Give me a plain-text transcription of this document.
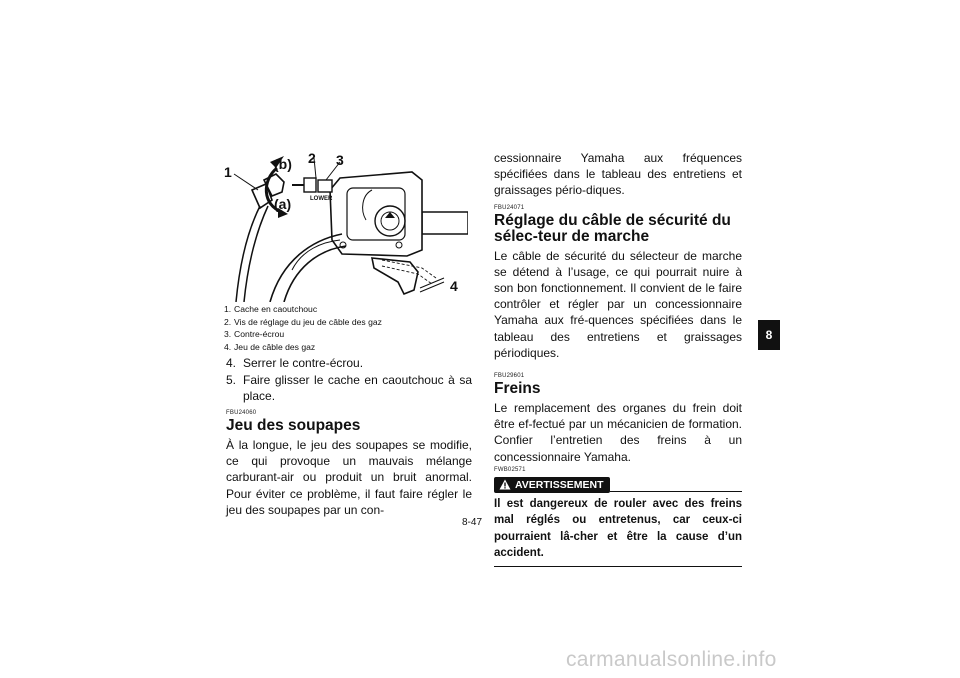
LOWER
1	(b) 2 3
(a)
4
1. Cache en caoutchouc
2. Vis de réglage du jeu de câble des gaz
3. Contre-écrou
4. Jeu de câble des gaz
4. Serrer le contre-écrou.
5. Faire glisser le cache en caoutchouc à sa place.
FBU24060
Jeu des soupapes
À la longue, le jeu des soupapes se modifie, ce qui provoque un mauvais mélange carburant-air ou produit un bruit anormal. Pour éviter ce problème, il faut faire régler le jeu des soupapes par un con-
cessionnaire Yamaha aux fréquences spécifiées dans le tableau des entretiens et graissages pério-diques.
FBU24071
Réglage du câble de sécurité du sélec-teur de marche
Le câble de sécurité du sélecteur de marche se détend à l’usage, ce qui pourrait nuire à son bon fonctionnement. Il convient de le faire contrôler et régler par un concessionnaire Yamaha aux fré-quences spécifiées dans le tableau des entretiens et graissages périodiques.
FBU29601
Freins
Le remplacement des organes du frein doit être ef-fectué par un mécanicien de formation. Confier l’entretien des freins à un concessionnaire Yamaha.
FWB02571
AVERTISSEMENT
Il est dangereux de rouler avec des freins mal réglés ou entretenus, car ceux-ci pourraient lâ-cher et être la cause d’un accident.
8
8-47
carmanualsonline.info
